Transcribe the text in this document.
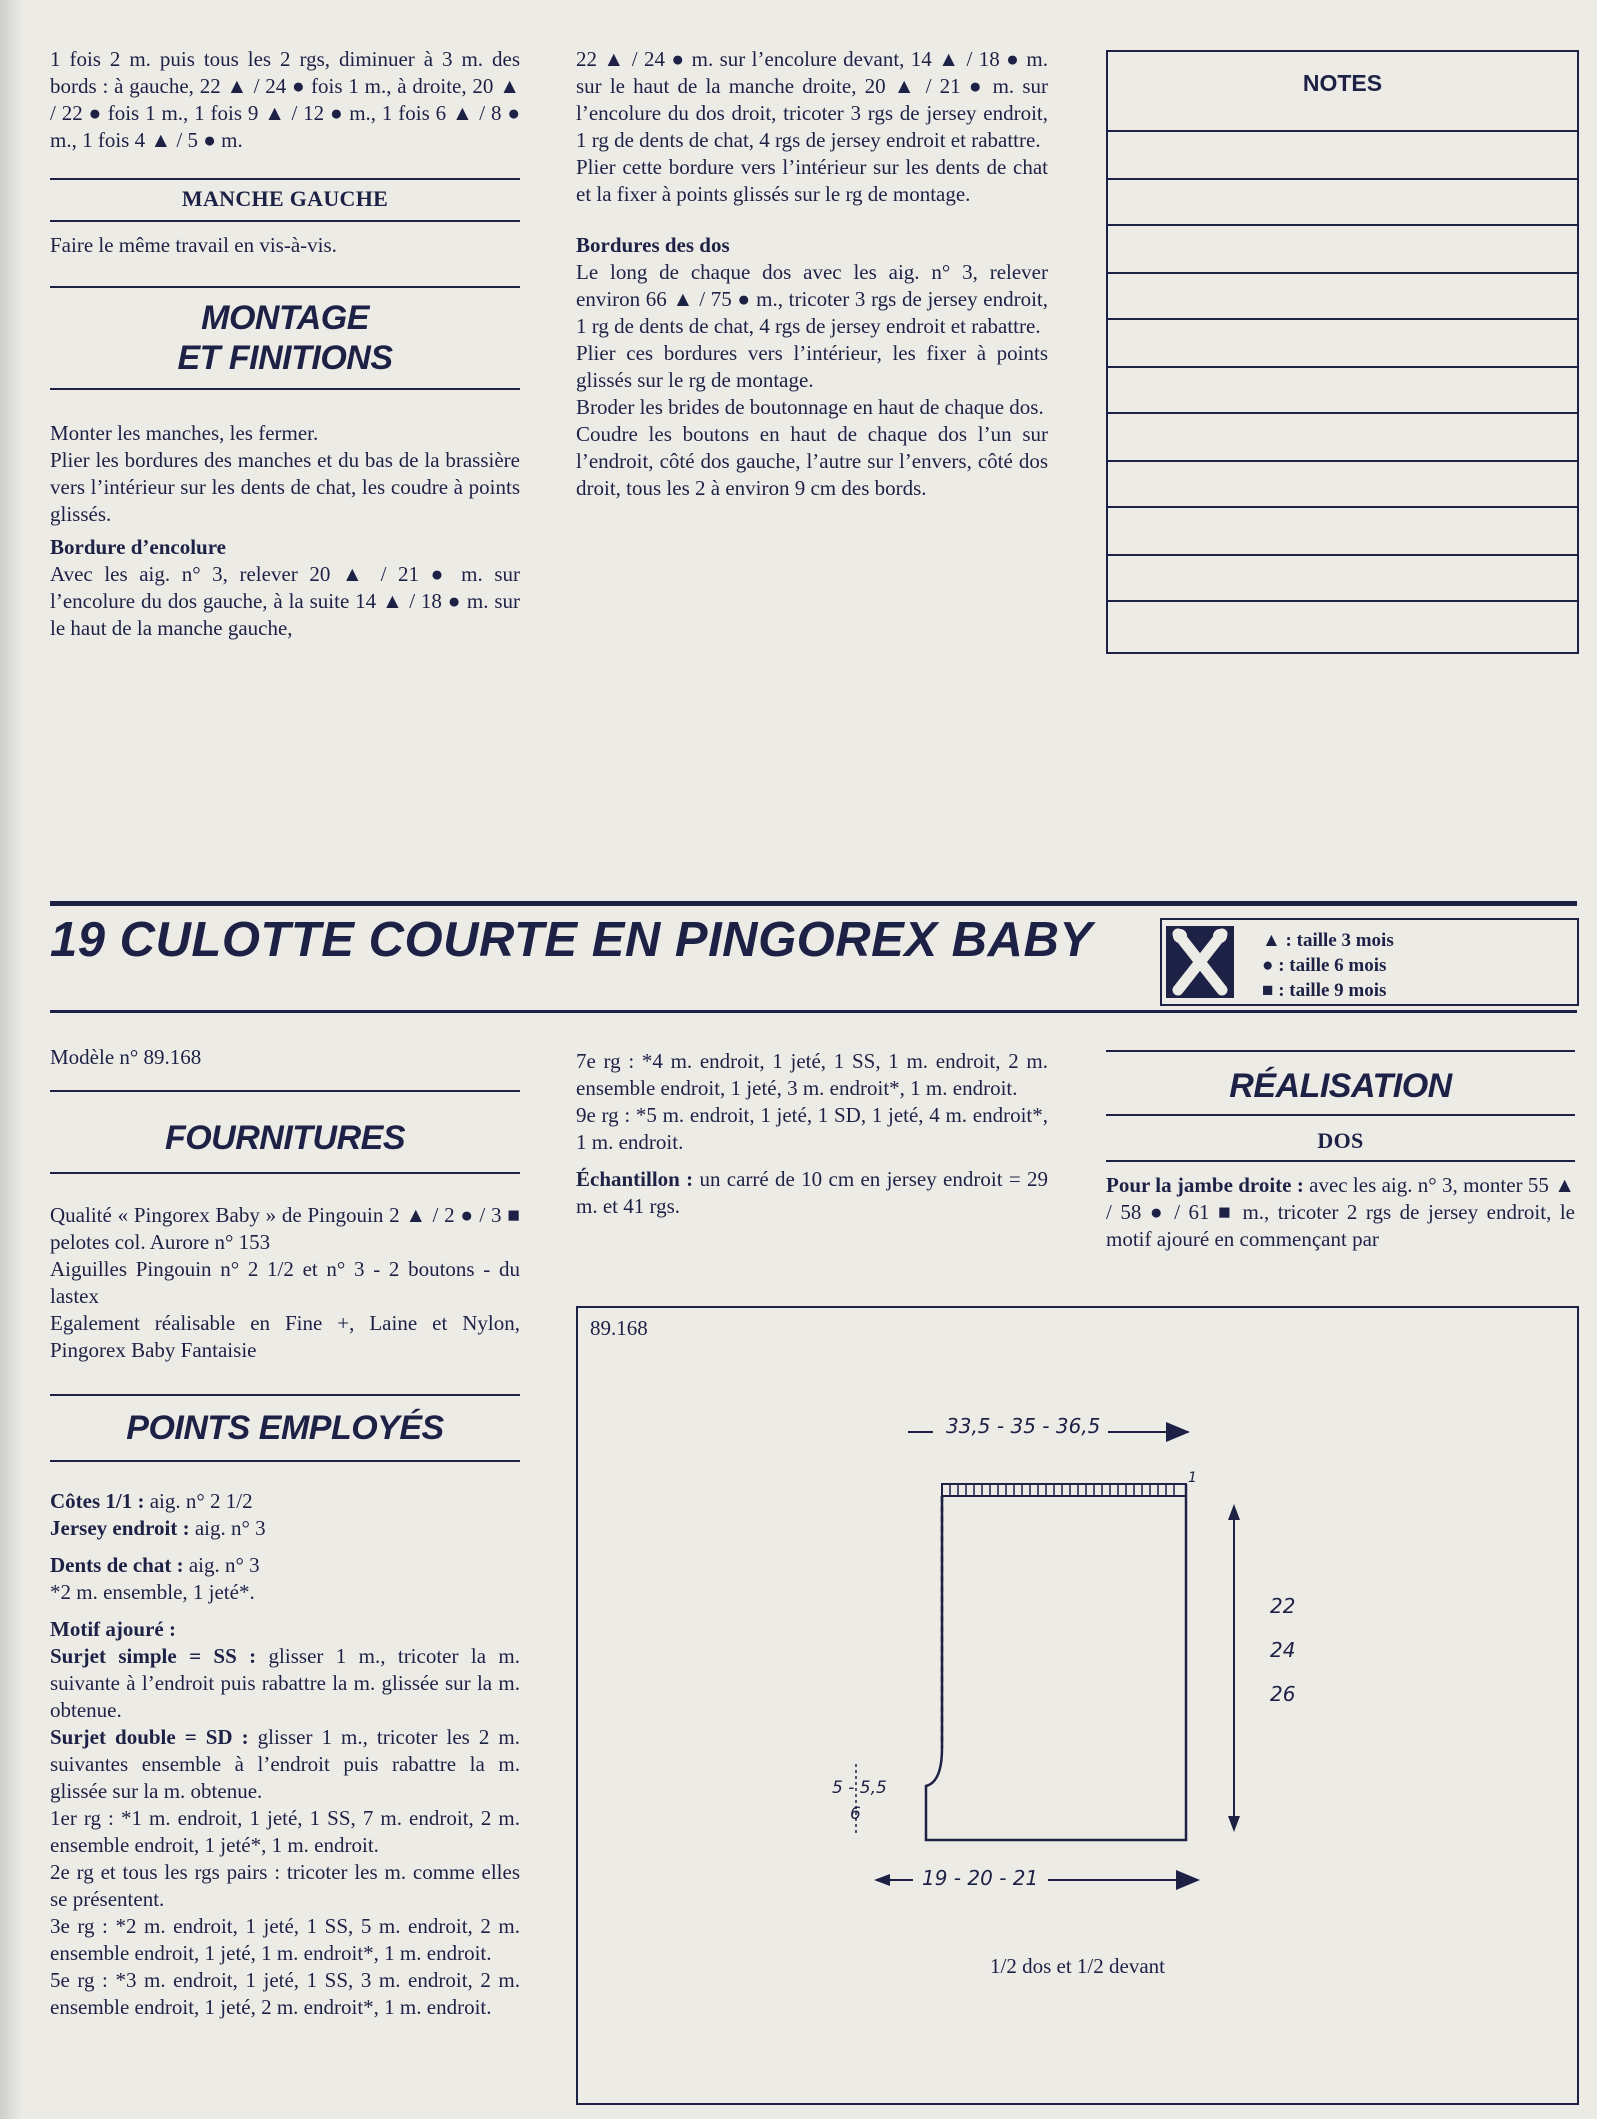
1 fois 2 m. puis tous les 2 rgs, diminuer à 3 m. des bords : à gauche, 22 ▲ / 24 ● fois 1 m., à droite, 20 ▲ / 22 ● fois 1 m., 1 fois 9 ▲ / 12 ● m., 1 fois 6 ▲ / 8 ● m., 1 fois 4 ▲ / 5 ● m.

MANCHE GAUCHE
Faire le même travail en vis-à-vis.
MONTAGE
ET FINITIONS

Monter les manches, les fermer.

Plier les bordures des manches et du bas de la brassière vers l’intérieur sur les dents de chat, les coudre à points glissés.

Bordure d’encolure

Avec les aig. n° 3, relever 20 ▲ / 21 ● m. sur l’encolure du dos gauche, à la suite 14 ▲ / 18 ● m. sur le haut de la manche gauche,

22 ▲ / 24 ● m. sur l’encolure devant, 14 ▲ / 18 ● m. sur le haut de la manche droite, 20 ▲ / 21 ● m. sur l’encolure du dos droit, tricoter 3 rgs de jersey endroit, 1 rg de dents de chat, 4 rgs de jersey endroit et rabattre.

Plier cette bordure vers l’intérieur sur les dents de chat et la fixer à points glissés sur le rg de montage.

Bordures des dos

Le long de chaque dos avec les aig. n° 3, relever environ 66 ▲ / 75 ● m., tricoter 3 rgs de jersey endroit, 1 rg de dents de chat, 4 rgs de jersey endroit et rabattre.

Plier ces bordures vers l’intérieur, les fixer à points glissés sur le rg de montage.

Broder les brides de boutonnage en haut de chaque dos.

Coudre les boutons en haut de chaque dos l’un sur l’endroit, côté dos gauche, l’autre sur l’envers, côté dos droit, tous les 2 à environ 9 cm des bords.

NOTES
19 CULOTTE COURTE EN PINGOREX BABY	▲ : taille 3 mois
● : taille 6 mois
■ : taille 9 mois
Modèle n° 89.168
FOURNITURES

Qualité « Pingorex Baby » de Pingouin 2 ▲ / 2 ● / 3 ■ pelotes col. Aurore n° 153

Aiguilles Pingouin n° 2 1/2 et n° 3 - 2 boutons - du lastex

Egalement réalisable en Fine +, Laine et Nylon, Pingorex Baby Fantaisie

POINTS EMPLOYÉS

Côtes 1/1 : aig. n° 2 1/2

Jersey endroit : aig. n° 3

Dents de chat : aig. n° 3

*2 m. ensemble, 1 jeté*.

Motif ajouré :

Surjet simple = SS : glisser 1 m., tricoter la m. suivante à l’endroit puis rabattre la m. glissée sur la m. obtenue.

Surjet double = SD : glisser 1 m., tricoter les 2 m. suivantes ensemble à l’endroit puis rabattre la m. glissée sur la m. obtenue.

1er rg : *1 m. endroit, 1 jeté, 1 SS, 7 m. endroit, 2 m. ensemble endroit, 1 jeté*, 1 m. endroit.

2e rg et tous les rgs pairs : tricoter les m. comme elles se présentent.

3e rg : *2 m. endroit, 1 jeté, 1 SS, 5 m. endroit, 2 m. ensemble endroit, 1 jeté, 1 m. endroit*, 1 m. endroit.

5e rg : *3 m. endroit, 1 jeté, 1 SS, 3 m. endroit, 2 m. ensemble endroit, 1 jeté, 2 m. endroit*, 1 m. endroit.

7e rg : *4 m. endroit, 1 jeté, 1 SS, 1 m. endroit, 2 m. ensemble endroit, 1 jeté, 3 m. endroit*, 1 m. endroit.

9e rg : *5 m. endroit, 1 jeté, 1 SD, 1 jeté, 4 m. endroit*, 1 m. endroit.

Échantillon : un carré de 10 cm en jersey endroit = 29 m. et 41 rgs.

RÉALISATION
DOS

Pour la jambe droite : avec les aig. n° 3, monter 55 ▲ / 58 ● / 61 ■ m., tricoter 2 rgs de jersey endroit, le motif ajouré en commençant par

89.168
33,5 - 35 - 36,5
1
22
24
26
5 - 5,5
6
19 - 20 - 21
1/2 dos et 1/2 devant
